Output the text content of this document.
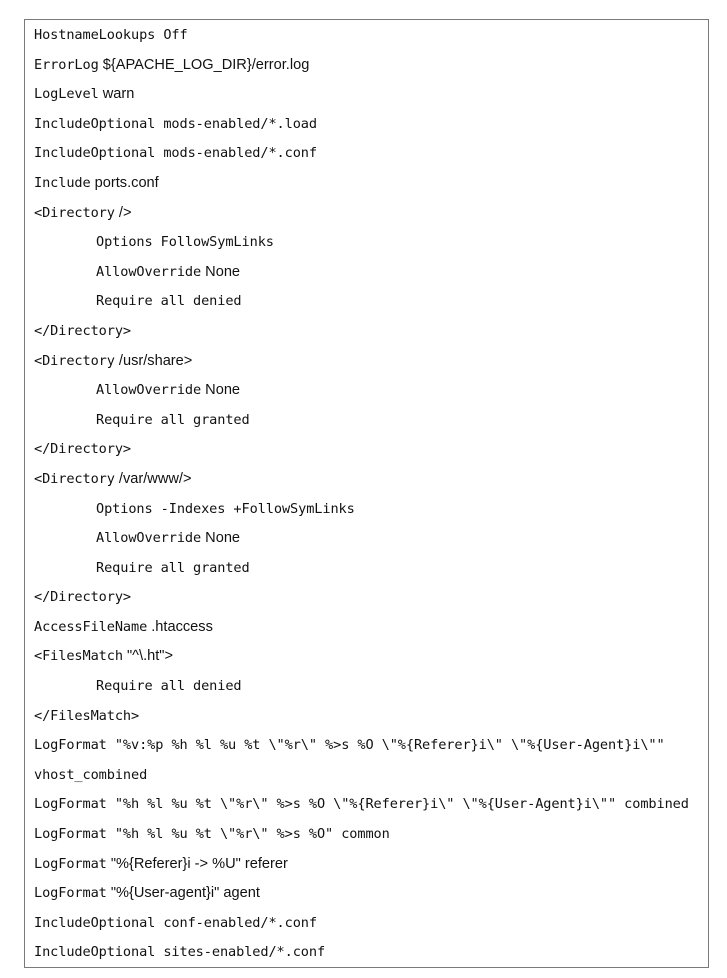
HostnameLookups Off
ErrorLog ${APACHE_LOG_DIR}/error.log
LogLevel warn
IncludeOptional mods-enabled/*.load
IncludeOptional mods-enabled/*.conf
Include ports.conf
<Directory />
Options FollowSymLinks
AllowOverride None
Require all denied
</Directory>
<Directory /usr/share>
AllowOverride None
Require all granted
</Directory>
<Directory /var/www/>
Options -Indexes +FollowSymLinks
AllowOverride None
Require all granted
</Directory>
AccessFileName .htaccess
<FilesMatch "^\.ht">
Require all denied
</FilesMatch>
LogFormat "%v:%p %h %l %u %t \"%r\" %>s %O \"%{Referer}i\" \"%{User-Agent}i\""
vhost_combined
LogFormat "%h %l %u %t \"%r\" %>s %O \"%{Referer}i\" \"%{User-Agent}i\"" combined
LogFormat "%h %l %u %t \"%r\" %>s %O" common
LogFormat "%{Referer}i -> %U" referer
LogFormat "%{User-agent}i" agent
IncludeOptional conf-enabled/*.conf
IncludeOptional sites-enabled/*.conf
